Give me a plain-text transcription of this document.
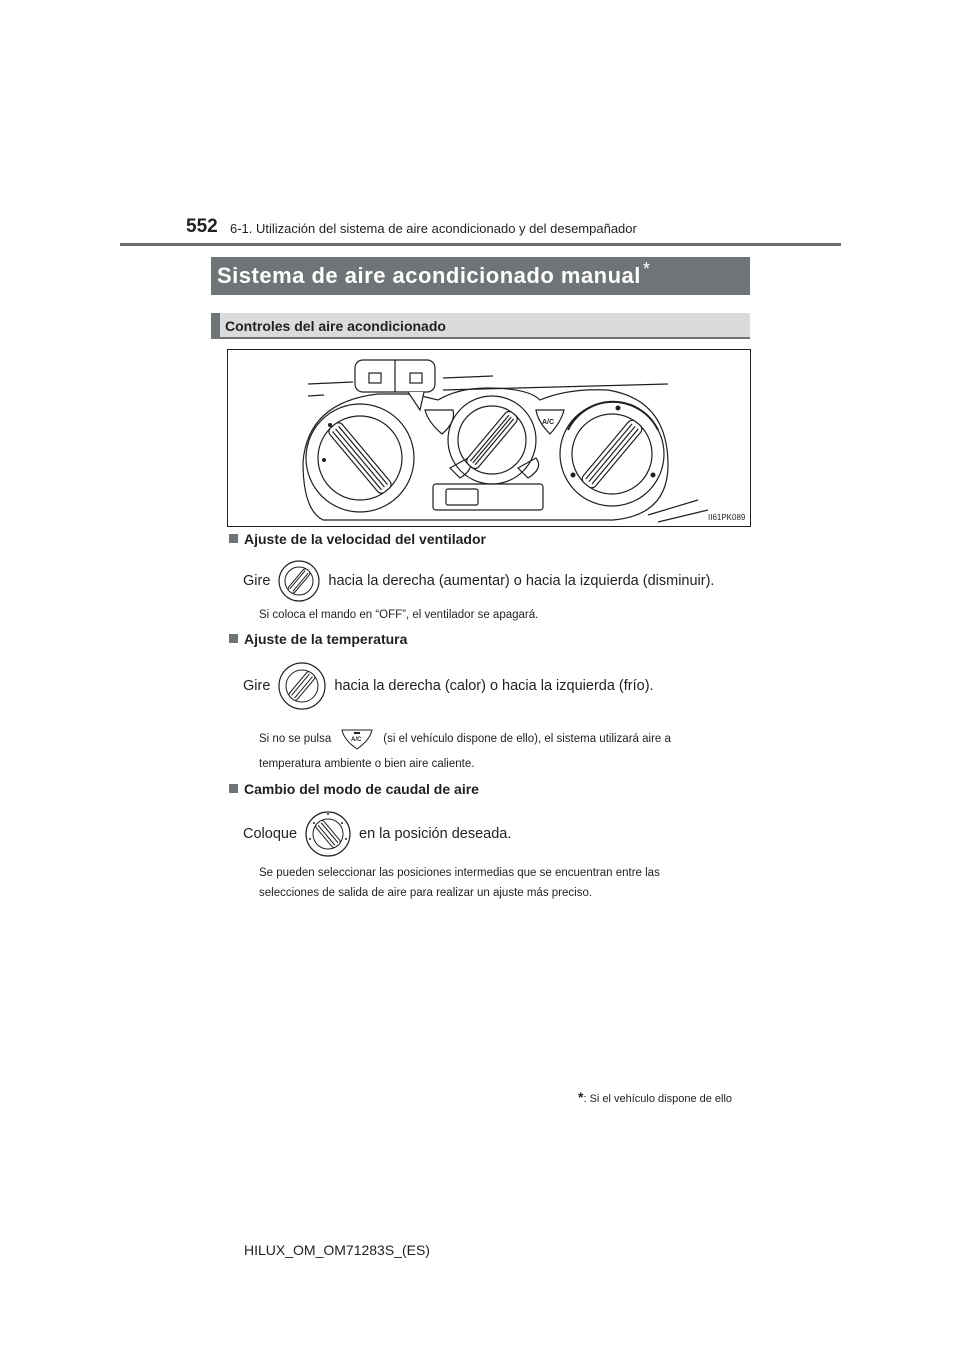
552 6-1. Utilización del sistema de aire acondicionado y del desempañador
Sistema de aire acondicionado manual *
Controles del aire acondicionado
A/C
II61PK089
Ajuste de la velocidad del ventilador
Gire	hacia la derecha (aumentar) o hacia la izquierda (disminuir).
Si coloca el mando en “OFF”, el ventilador se apagará.
Ajuste de la temperatura
Gire	hacia la derecha (calor) o hacia la izquierda (frío).
Si no se pulsa	A/C (si el vehículo dispone de ello), el sistema utilizará aire a
temperatura ambiente o bien aire caliente.
Cambio del modo de caudal de aire
Coloque	en la posición deseada.
Se pueden seleccionar las posiciones intermedias que se encuentran entre las
selecciones de salida de aire para realizar un ajuste más preciso.
*: Si el vehículo dispone de ello
HILUX_OM_OM71283S_(ES)
